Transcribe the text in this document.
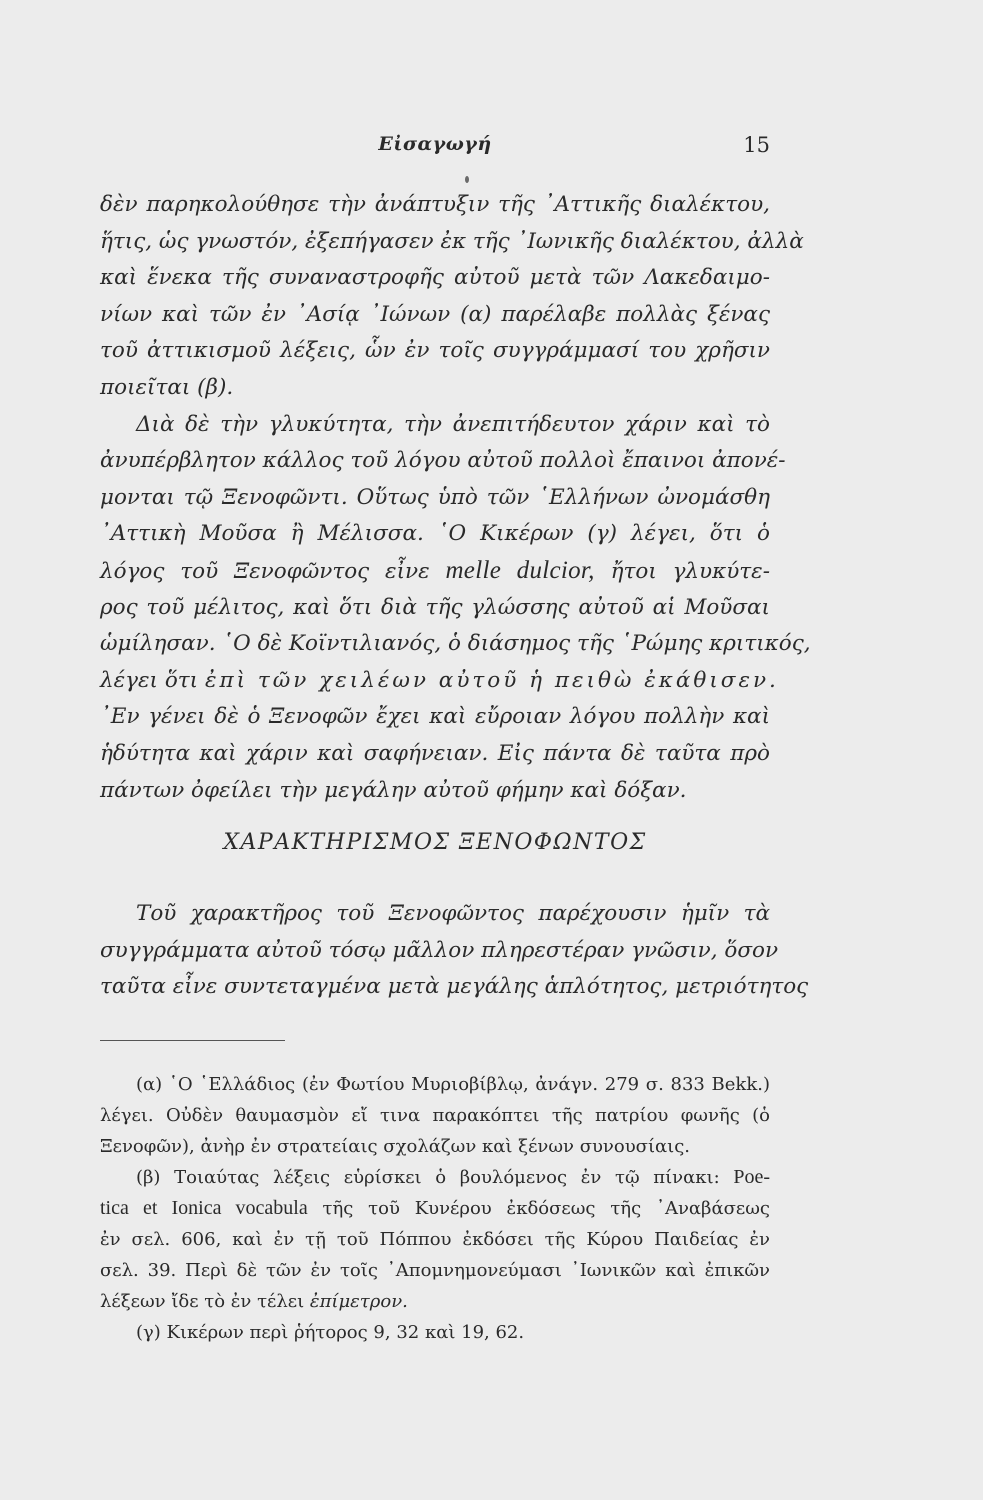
Εἰσαγωγή	15
δὲν παρηκολούθησε τὴν ἀνάπτυξιν τῆς ᾿Αττικῆς διαλέκτου,
ἥτις, ὡς γνωστόν, ἐξεπήγασεν ἐκ τῆς ᾿Ιωνικῆς διαλέκτου, ἀλλὰ
καὶ ἕνεκα τῆς συναναστροφῆς αὐτοῦ μετὰ τῶν Λακεδαιμο-
νίων καὶ τῶν ἐν ᾿Ασίᾳ ᾿Ιώνων (α) παρέλαβε πολλὰς ξένας
τοῦ ἀττικισμοῦ λέξεις, ὧν ἐν τοῖς συγγράμμασί του χρῆσιν
ποιεῖται (β).
Διὰ δὲ τὴν γλυκύτητα, τὴν ἀνεπιτήδευτον χάριν καὶ τὸ
ἀνυπέρβλητον κάλλος τοῦ λόγου αὐτοῦ πολλοὶ ἔπαινοι ἀπονέ-
μονται τῷ Ξενοφῶντι. Οὕτως ὑπὸ τῶν ῾Ελλήνων ὠνομάσθη
᾿Αττικὴ Μοῦσα ἢ Μέλισσα. ῾Ο Κικέρων (γ) λέγει, ὅτι ὁ
λόγος τοῦ Ξενοφῶντος εἶνε melle dulcior, ἤτοι γλυκύτε-
ρος τοῦ μέλιτος, καὶ ὅτι διὰ τῆς γλώσσης αὐτοῦ αἱ Μοῦσαι
ὡμίλησαν. ῾Ο δὲ Κοϊντιλιανός, ὁ διάσημος τῆς ῾Ρώμης κριτικός,
λέγει ὅτι ἐπὶ τῶν χειλέων αὐτοῦ ἡ πειθὼ ἐκάθισεν.
᾿Εν γένει δὲ ὁ Ξενοφῶν ἔχει καὶ εὔροιαν λόγου πολλὴν καὶ
ἡδύτητα καὶ χάριν καὶ σαφήνειαν. Εἰς πάντα δὲ ταῦτα πρὸ
πάντων ὀφείλει τὴν μεγάλην αὐτοῦ φήμην καὶ δόξαν.
ΧΑΡΑΚΤΗΡΙΣΜΟΣ ΞΕΝΟΦΩΝΤΟΣ
Τοῦ χαρακτῆρος τοῦ Ξενοφῶντος παρέχουσιν ἡμῖν τὰ
συγγράμματα αὐτοῦ τόσῳ μᾶλλον πληρεστέραν γνῶσιν, ὅσον
ταῦτα εἶνε συντεταγμένα μετὰ μεγάλης ἁπλότητος, μετριότητος
(α) ῾Ο ῾Ελλάδιος (ἐν Φωτίου Μυριοβίβλῳ, ἀνάγν. 279 σ. 833 Bekk.)
λέγει. Οὐδὲν θαυμασμὸν εἴ τινα παρακόπτει τῆς πατρίου φωνῆς (ὁ
Ξενοφῶν), ἀνὴρ ἐν στρατείαις σχολάζων καὶ ξένων συνουσίαις.
(β) Τοιαύτας λέξεις εὑρίσκει ὁ βουλόμενος ἐν τῷ πίνακι: Poe-
tica et Ionica vocabula τῆς τοῦ Κυνέρου ἐκδόσεως τῆς ᾿Αναβάσεως
ἐν σελ. 606, καὶ ἐν τῇ τοῦ Πόππου ἐκδόσει τῆς Κύρου Παιδείας ἐν
σελ. 39. Περὶ δὲ τῶν ἐν τοῖς ᾿Απομνημονεύμασι ᾿Ιωνικῶν καὶ ἐπικῶν
λέξεων ἴδε τὸ ἐν τέλει ἐπίμετρον.
(γ) Κικέρων περὶ ῥήτορος 9, 32 καὶ 19, 62.
